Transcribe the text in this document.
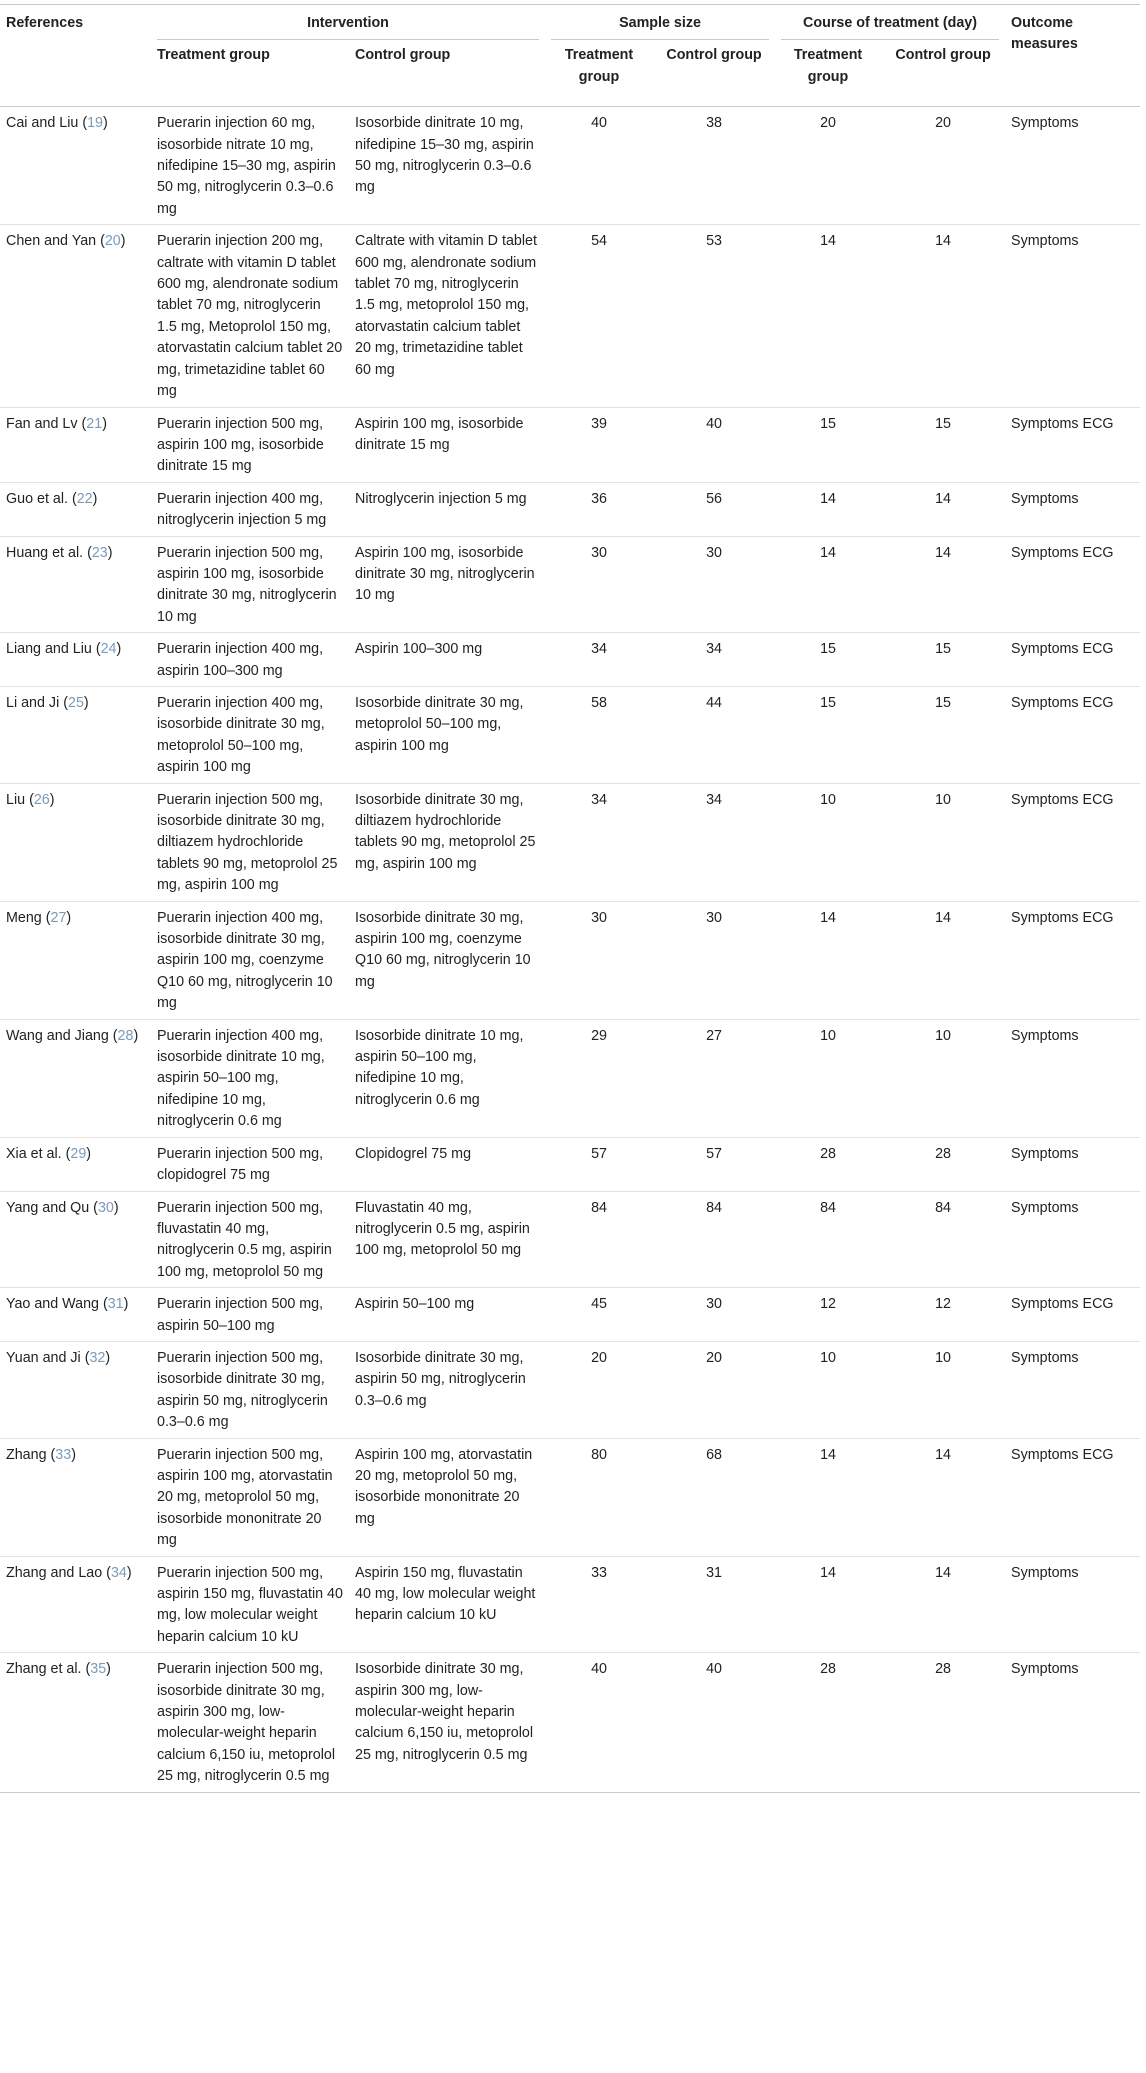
References	Intervention		Sample size		Course of treatment (day)		Outcome measures
	Treatment group	Control group	Treatment group	Control group	Treatment group	Control group	
Cai and Liu (19)	Puerarin injection 60 mg, isosorbide nitrate 10 mg, nifedipine 15–30 mg, aspirin 50 mg, nitroglycerin 0.3–0.6 mg	Isosorbide dinitrate 10 mg, nifedipine 15–30 mg, aspirin 50 mg, nitroglycerin 0.3–0.6 mg	40	38	20	20	Symptoms
Chen and Yan (20)	Puerarin injection 200 mg, caltrate with vitamin D tablet 600 mg, alendronate sodium tablet 70 mg, nitroglycerin 1.5 mg, Metoprolol 150 mg, atorvastatin calcium tablet 20 mg, trimetazidine tablet 60 mg	Caltrate with vitamin D tablet 600 mg, alendronate sodium tablet 70 mg, nitroglycerin 1.5 mg, metoprolol 150 mg, atorvastatin calcium tablet 20 mg, trimetazidine tablet 60 mg	54	53	14	14	Symptoms
Fan and Lv (21)	Puerarin injection 500 mg, aspirin 100 mg, isosorbide dinitrate 15 mg	Aspirin 100 mg, isosorbide dinitrate 15 mg	39	40	15	15	Symptoms ECG
Guo et al. (22)	Puerarin injection 400 mg, nitroglycerin injection 5 mg	Nitroglycerin injection 5 mg	36	56	14	14	Symptoms
Huang et al. (23)	Puerarin injection 500 mg, aspirin 100 mg, isosorbide dinitrate 30 mg, nitroglycerin 10 mg	Aspirin 100 mg, isosorbide dinitrate 30 mg, nitroglycerin 10 mg	30	30	14	14	Symptoms ECG
Liang and Liu (24)	Puerarin injection 400 mg, aspirin 100–300 mg	Aspirin 100–300 mg	34	34	15	15	Symptoms ECG
Li and Ji (25)	Puerarin injection 400 mg, isosorbide dinitrate 30 mg, metoprolol 50–100 mg, aspirin 100 mg	Isosorbide dinitrate 30 mg, metoprolol 50–100 mg, aspirin 100 mg	58	44	15	15	Symptoms ECG
Liu (26)	Puerarin injection 500 mg, isosorbide dinitrate 30 mg, diltiazem hydrochloride tablets 90 mg, metoprolol 25 mg, aspirin 100 mg	Isosorbide dinitrate 30 mg, diltiazem hydrochloride tablets 90 mg, metoprolol 25 mg, aspirin 100 mg	34	34	10	10	Symptoms ECG
Meng (27)	Puerarin injection 400 mg, isosorbide dinitrate 30 mg, aspirin 100 mg, coenzyme Q10 60 mg, nitroglycerin 10 mg	Isosorbide dinitrate 30 mg, aspirin 100 mg, coenzyme Q10 60 mg, nitroglycerin 10 mg	30	30	14	14	Symptoms ECG
Wang and Jiang (28)	Puerarin injection 400 mg, isosorbide dinitrate 10 mg, aspirin 50–100 mg, nifedipine 10 mg, nitroglycerin 0.6 mg	Isosorbide dinitrate 10 mg, aspirin 50–100 mg, nifedipine 10 mg, nitroglycerin 0.6 mg	29	27	10	10	Symptoms
Xia et al. (29)	Puerarin injection 500 mg, clopidogrel 75 mg	Clopidogrel 75 mg	57	57	28	28	Symptoms
Yang and Qu (30)	Puerarin injection 500 mg, fluvastatin 40 mg, nitroglycerin 0.5 mg, aspirin 100 mg, metoprolol 50 mg	Fluvastatin 40 mg, nitroglycerin 0.5 mg, aspirin 100 mg, metoprolol 50 mg	84	84	84	84	Symptoms
Yao and Wang (31)	Puerarin injection 500 mg, aspirin 50–100 mg	Aspirin 50–100 mg	45	30	12	12	Symptoms ECG
Yuan and Ji (32)	Puerarin injection 500 mg, isosorbide dinitrate 30 mg, aspirin 50 mg, nitroglycerin 0.3–0.6 mg	Isosorbide dinitrate 30 mg, aspirin 50 mg, nitroglycerin 0.3–0.6 mg	20	20	10	10	Symptoms
Zhang (33)	Puerarin injection 500 mg, aspirin 100 mg, atorvastatin 20 mg, metoprolol 50 mg, isosorbide mononitrate 20 mg	Aspirin 100 mg, atorvastatin 20 mg, metoprolol 50 mg, isosorbide mononitrate 20 mg	80	68	14	14	Symptoms ECG
Zhang and Lao (34)	Puerarin injection 500 mg, aspirin 150 mg, fluvastatin 40 mg, low molecular weight heparin calcium 10 kU	Aspirin 150 mg, fluvastatin 40 mg, low molecular weight heparin calcium 10 kU	33	31	14	14	Symptoms
Zhang et al. (35)	Puerarin injection 500 mg, isosorbide dinitrate 30 mg, aspirin 300 mg, low-molecular-weight heparin calcium 6,150 iu, metoprolol 25 mg, nitroglycerin 0.5 mg	Isosorbide dinitrate 30 mg, aspirin 300 mg, low-molecular-weight heparin calcium 6,150 iu, metoprolol 25 mg, nitroglycerin 0.5 mg	40	40	28	28	Symptoms
